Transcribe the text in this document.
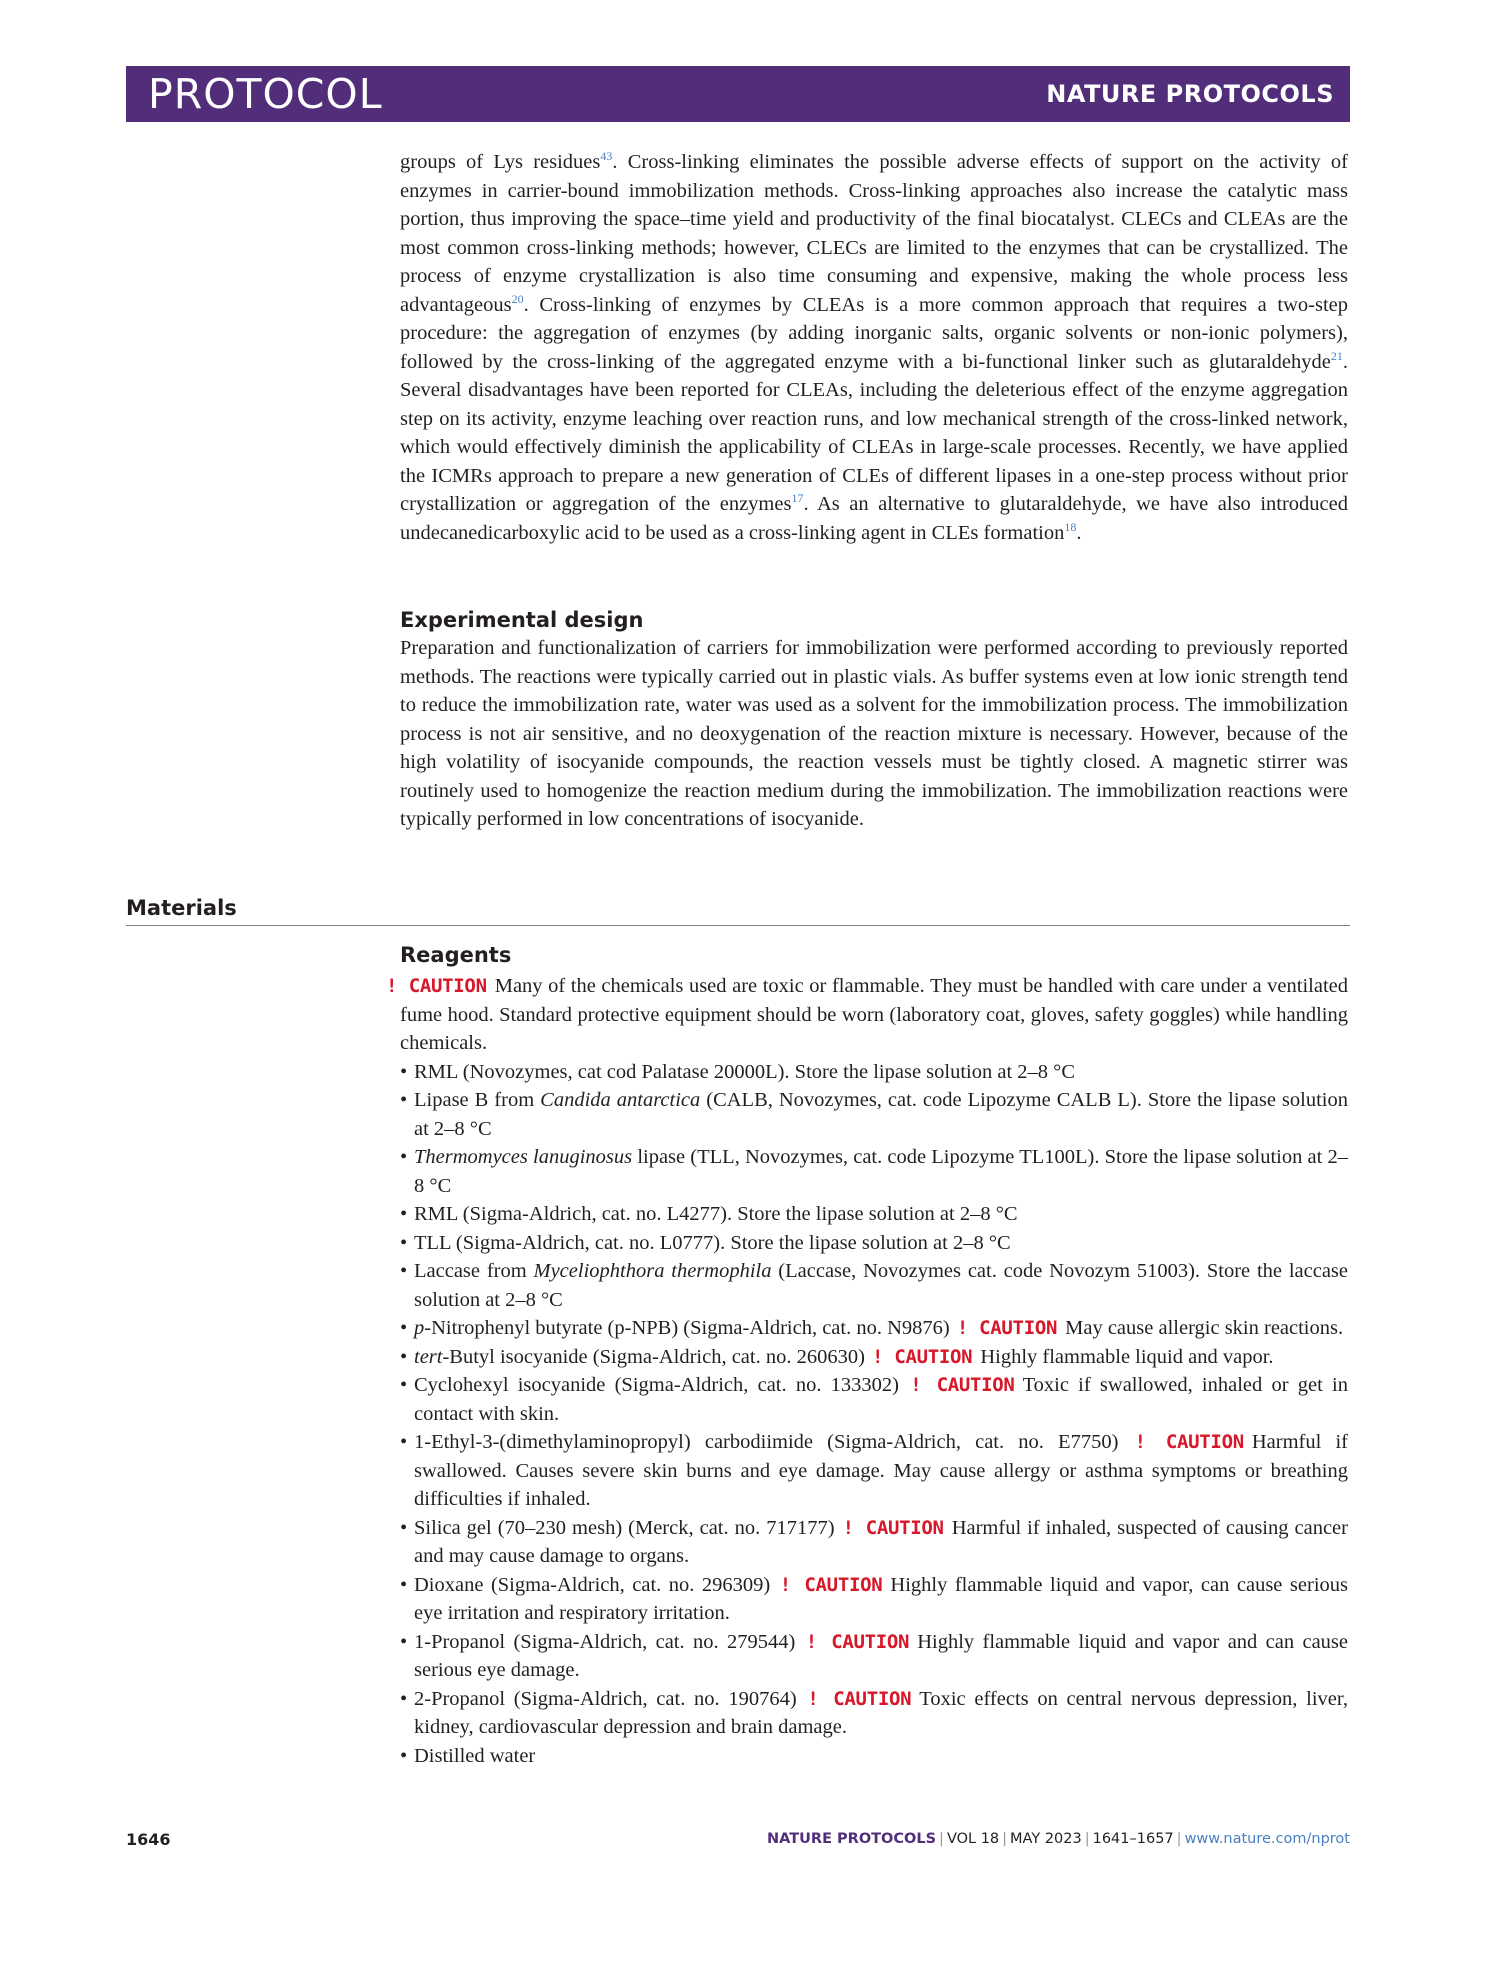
PROTOCOL	NATURE PROTOCOLS

groups of Lys residues$^{43}$. Cross-linking eliminates the possible adverse effects of support on the activity of enzymes in carrier-bound immobilization methods. Cross-linking approaches also increase the catalytic mass portion, thus improving the space–time yield and productivity of the final biocatalyst. CLECs and CLEAs are the most common cross-linking methods; however, CLECs are limited to the enzymes that can be crystallized. The process of enzyme crystallization is also time consuming and expensive, making the whole process less advantageous$^{20}$. Cross-linking of enzymes by CLEAs is a more common approach that requires a two-step procedure: the aggregation of enzymes (by adding inorganic salts, organic solvents or non-ionic polymers), followed by the cross-linking of the aggregated enzyme with a bi-functional linker such as glutaraldehyde$^{21}$. Several disadvantages have been reported for CLEAs, including the deleterious effect of the enzyme aggregation step on its activity, enzyme leaching over reaction runs, and low mechanical strength of the cross-linked network, which would effectively diminish the applicability of CLEAs in large-scale processes. Recently, we have applied the ICMRs approach to prepare a new generation of CLEs of different lipases in a one-step process without prior crystallization or aggregation of the enzymes$^{17}$. As an alternative to glutaraldehyde, we have also introduced undecanedicarboxylic acid to be used as a cross-linking agent in CLEs formation$^{18}$.

Experimental design

Preparation and functionalization of carriers for immobilization were performed according to previously reported methods. The reactions were typically carried out in plastic vials. As buffer systems even at low ionic strength tend to reduce the immobilization rate, water was used as a solvent for the immobilization process. The immobilization process is not air sensitive, and no deoxygenation of the reaction mixture is necessary. However, because of the high volatility of isocyanide compounds, the reaction vessels must be tightly closed. A magnetic stirrer was routinely used to homogenize the reaction medium during the immobilization. The immobilization reactions were typically performed in low concentrations of isocyanide.

Materials
Reagents

! CAUTION Many of the chemicals used are toxic or flammable. They must be handled with care under a ventilated fume hood. Standard protective equipment should be worn (laboratory coat, gloves, safety goggles) while handling chemicals.

• RML (Novozymes, cat cod Palatase 20000L). Store the lipase solution at 2–8 °C
• Lipase B from Candida antarctica (CALB, Novozymes, cat. code Lipozyme CALB L). Store the lipase solution at 2–8 °C
• Thermomyces lanuginosus lipase (TLL, Novozymes, cat. code Lipozyme TL100L). Store the lipase solution at 2–8 °C
• RML (Sigma-Aldrich, cat. no. L4277). Store the lipase solution at 2–8 °C
• TLL (Sigma-Aldrich, cat. no. L0777). Store the lipase solution at 2–8 °C
• Laccase from Myceliophthora thermophila (Laccase, Novozymes cat. code Novozym 51003). Store the laccase solution at 2–8 °C
• p-Nitrophenyl butyrate (p-NPB) (Sigma-Aldrich, cat. no. N9876) ! CAUTION May cause allergic skin reactions.
• tert-Butyl isocyanide (Sigma-Aldrich, cat. no. 260630) ! CAUTION Highly flammable liquid and vapor.
• Cyclohexyl isocyanide (Sigma-Aldrich, cat. no. 133302) ! CAUTION Toxic if swallowed, inhaled or get in contact with skin.
• 1-Ethyl-3-(dimethylaminopropyl) carbodiimide (Sigma-Aldrich, cat. no. E7750) ! CAUTION Harmful if swallowed. Causes severe skin burns and eye damage. May cause allergy or asthma symptoms or breathing difficulties if inhaled.
• Silica gel (70–230 mesh) (Merck, cat. no. 717177) ! CAUTION Harmful if inhaled, suspected of causing cancer and may cause damage to organs.
• Dioxane (Sigma-Aldrich, cat. no. 296309) ! CAUTION Highly flammable liquid and vapor, can cause serious eye irritation and respiratory irritation.
• 1-Propanol (Sigma-Aldrich, cat. no. 279544) ! CAUTION Highly flammable liquid and vapor and can cause serious eye damage.
• 2-Propanol (Sigma-Aldrich, cat. no. 190764) ! CAUTION Toxic effects on central nervous depression, liver, kidney, cardiovascular depression and brain damage.
• Distilled water
1646	NATURE PROTOCOLS | VOL 18 | MAY 2023 | 1641–1657 | www.nature.com/nprot
